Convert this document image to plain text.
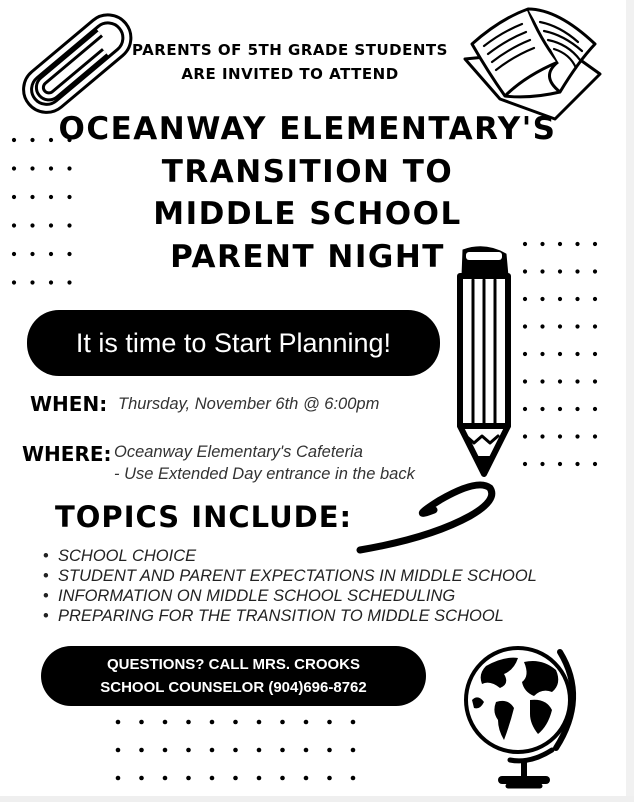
PARENTS OF 5TH GRADE STUDENTS
ARE INVITED TO ATTEND
OCEANWAY ELEMENTARY'S
TRANSITION TO
MIDDLE SCHOOL
PARENT NIGHT
It is time to Start Planning!
WHEN: Thursday, November 6th @ 6:00pm
WHERE: Oceanway Elementary's Cafeteria
- Use Extended Day entrance in the back
TOPICS INCLUDE:
• SCHOOL CHOICE
• STUDENT AND PARENT EXPECTATIONS IN MIDDLE SCHOOL
• INFORMATION ON MIDDLE SCHOOL SCHEDULING
• PREPARING FOR THE TRANSITION TO MIDDLE SCHOOL
QUESTIONS? CALL MRS. CROOKS
SCHOOL COUNSELOR (904)696-8762
